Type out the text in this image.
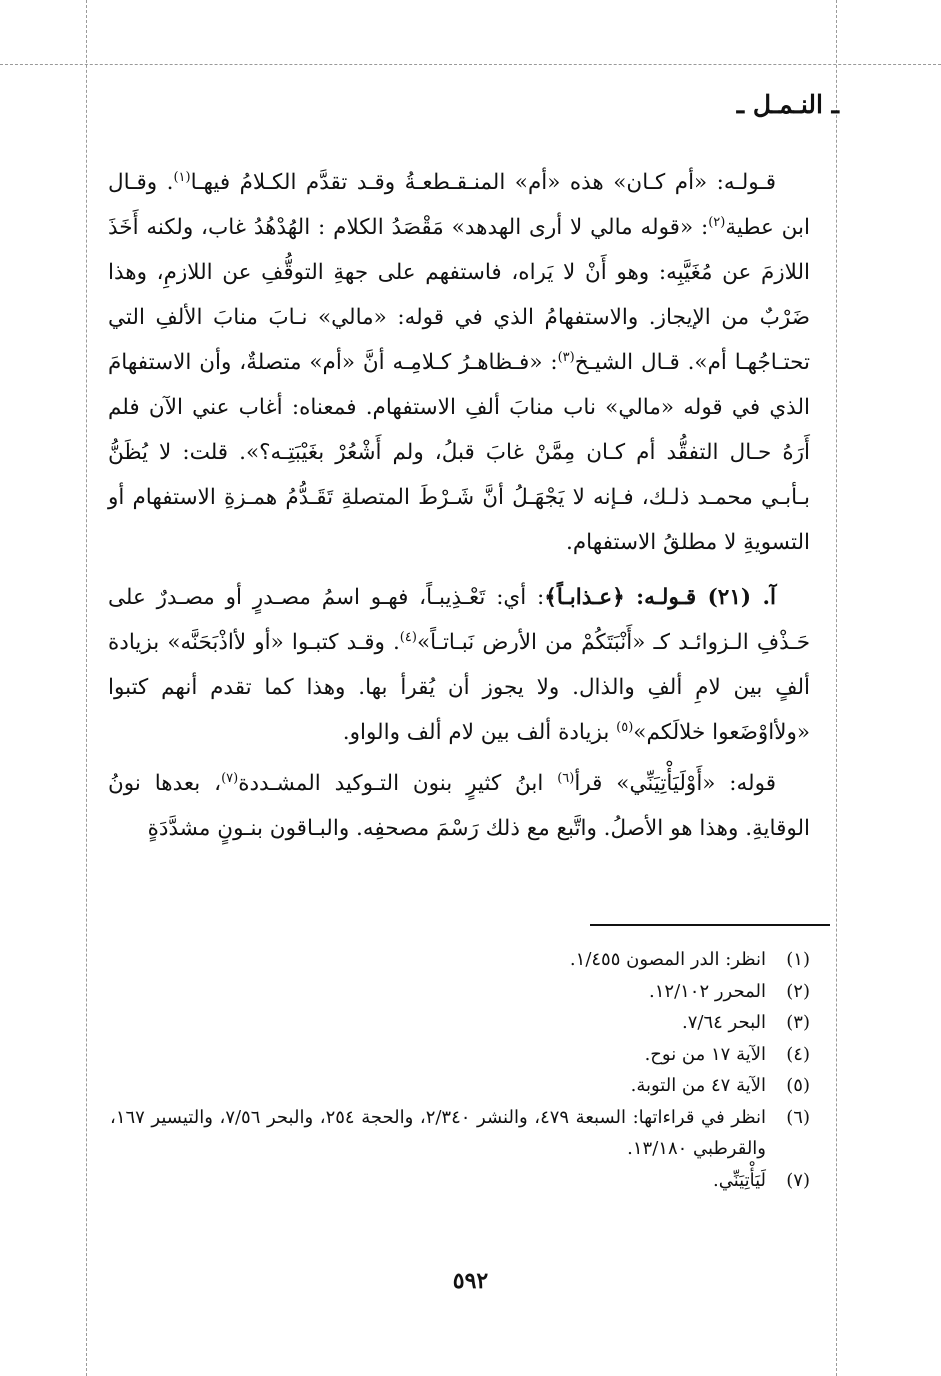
ـ النـمـل ـ

قـولـه: «أم كـان» هذه «أم» المنـقـطعـةُ وقـد تقدَّم الكـلامُ فيهـا$^{(١)}$. وقـال ابن عطية$^{(٢)}$: «قوله مالي لا أرى الهدهد» مَقْصَدُ الكلام : الهُدْهُدُ غاب، ولكنه أَخَذَ اللازمَ عن مُغَيَّبِه: وهو أَنْ لا يَراه، فاستفهم على جهةِ التوقُّفِ عن اللازمِ، وهذا ضَرْبٌ من الإيجاز. والاستفهامُ الذي في قوله: «مالي» نـابَ منابَ الألفِ التي تحتـاجُهـا أم». قـال الشيـخ$^{(٣)}$: «فـظاهـرُ كـلامِـه أنَّ «أم» متصلةٌ، وأن الاستفهامَ الذي في قوله «مالي» ناب منابَ ألفِ الاستفهام. فمعناه: أغاب عني الآن فلم أَرَهُ حـال التفقُّد أم كـان مِمَّنْ غابَ قبلُ، ولم أَشْعُرْ بغَيْبَتِـه؟». قلت: لا يُظَنُّ بـأبـي محمـد ذلـك، فـإنه لا يَجْهَـلُ أنَّ شَـرْطَ المتصلةِ تَقَـدُّمُ همـزةِ الاستفهام أو التسويةِ لا مطلقُ الاستفهام.

آ. (٢١) قـولـه: ﴿عـذابـاً﴾: أي: تَعْـذِيبـاً، فهـو اسمُ مصـدرٍ أو مصـدرٌ على حَـذْفِ الـزوائـد كـ «أَنْبَتَكُمْ من الأرض نَبـاتـاً»$^{(٤)}$. وقـد كتبـوا «أو لأاذْبَحَنَّه» بزيادة ألفٍ بين لامِ ألفِ والذال. ولا يجوز أن يُقرأ بها. وهذا كما تقدم أنهم كتبوا «ولأاوْضَعوا خلالَكم»$^{(٥)}$ بزيادة ألف بين لام ألف والواو.

قوله: «أَوْلَيَأْتِيَنِّي» قرأ$^{(٦)}$ ابنُ كثيرٍ بنون التـوكيد المشـددة$^{(٧)}$، بعدها نونُ الوقايةِ. وهذا هو الأصلُ. واتَّبع مع ذلك رَسْمَ مصحفِه. والبـاقون بنـونٍ مشدَّدَةٍ

(١)
انظر: الدر المصون ١/٤٥٥.
(٢)
المحرر ١٢/١٠٢.
(٣)
البحر ٧/٦٤.
(٤)
الآية ١٧ من نوح.
(٥)
الآية ٤٧ من التوبة.
(٦)
انظر في قراءاتها: السبعة ٤٧٩، والنشر ٢/٣٤٠، والحجة ٢٥٤، والبحر ٧/٥٦، والتيسير ١٦٧، والقرطبي ١٣/١٨٠.
(٧)
لَيَأْتِيَنِّي.
٥٩٢
